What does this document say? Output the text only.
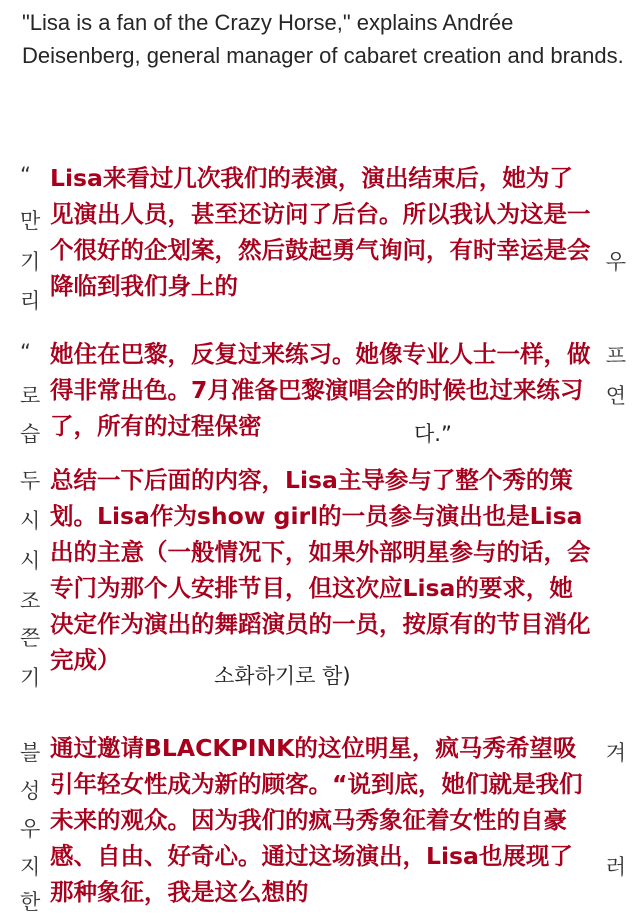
"Lisa is a fan of the Crazy Horse," explains Andrée Deisenberg, general manager of cabaret creation and brands.
“
만
기
리
우
Lisa来看过几次我们的表演，演出结束后，她为了见演出人员，甚至还访问了后台。所以我认为这是一个很好的企划案，然后鼓起勇气询问，有时幸运是会降临到我们身上的
“
로
습
프
연
她住在巴黎，反复过来练习。她像专业人士一样，做得非常出色。7月准备巴黎演唱会的时候也过来练习了，所有的过程保密	다.”
두
시
시
조
쯘
기
总结一下后面的内容，Lisa主导参与了整个秀的策划。Lisa作为show girl的一员参与演出也是Lisa出的主意（一般情况下，如果外部明星参与的话，会专门为那个人安排节目，但这次应Lisa的要求，她决定作为演出的舞蹈演员的一员，按原有的节目消化完成）
소화하기로 함)
블
성
우
지
한
겨
러
通过邀请BLACKPINK的这位明星，疯马秀希望吸引年轻女性成为新的顾客。“说到底，她们就是我们未来的观众。因为我们的疯马秀象征着女性的自豪感、自由、好奇心。通过这场演出，Lisa也展现了那种象征，我是这么想的
